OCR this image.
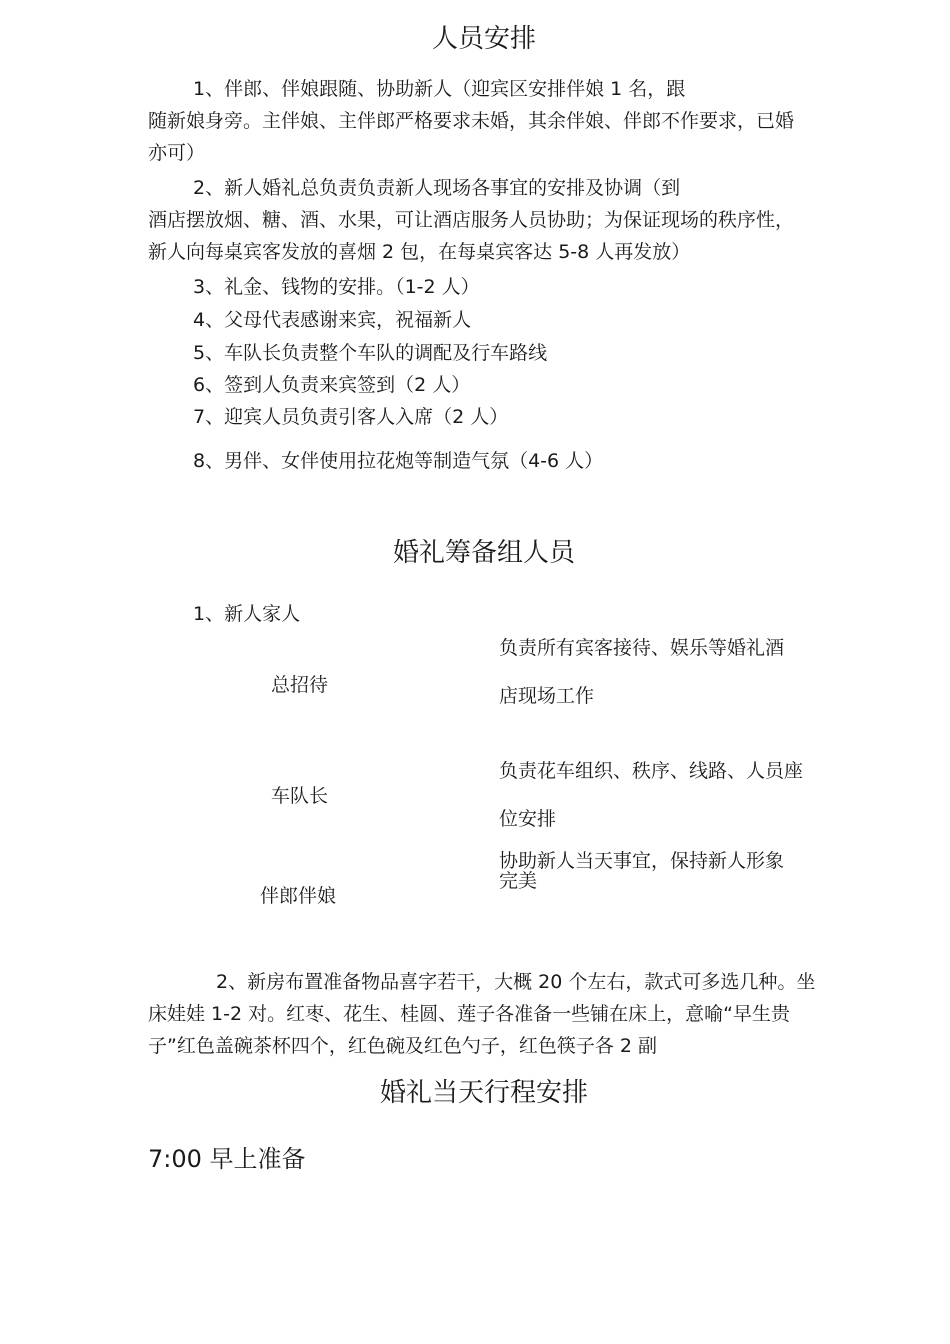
人员安排
1、伴郎、伴娘跟随、协助新人（迎宾区安排伴娘 1 名，跟
随新娘身旁。主伴娘、主伴郎严格要求未婚，其余伴娘、伴郎不作要求，已婚
亦可）
2、新人婚礼总负责负责新人现场各事宜的安排及协调（到
酒店摆放烟、糖、酒、水果，可让酒店服务人员协助；为保证现场的秩序性，
新人向每桌宾客发放的喜烟 2 包，在每桌宾客达 5-8 人再发放）
3、礼金、钱物的安排。（1-2 人）
4、父母代表感谢来宾，祝福新人
5、车队长负责整个车队的调配及行车路线
6、签到人负责来宾签到（2 人）
7、迎宾人员负责引客人入席（2 人）
8、男伴、女伴使用拉花炮等制造气氛（4-6 人）
婚礼筹备组人员
1、新人家人
总招待
负责所有宾客接待、娱乐等婚礼酒
店现场工作
车队长
负责花车组织、秩序、线路、人员座
位安排
伴郎伴娘
协助新人当天事宜，保持新人形象
完美
2、新房布置准备物品喜字若干，大概 20 个左右，款式可多选几种。坐
床娃娃 1-2 对。红枣、花生、桂圆、莲子各准备一些铺在床上，意喻“早生贵
子”红色盖碗茶杯四个，红色碗及红色勺子，红色筷子各 2 副
婚礼当天行程安排
7:00 早上准备
